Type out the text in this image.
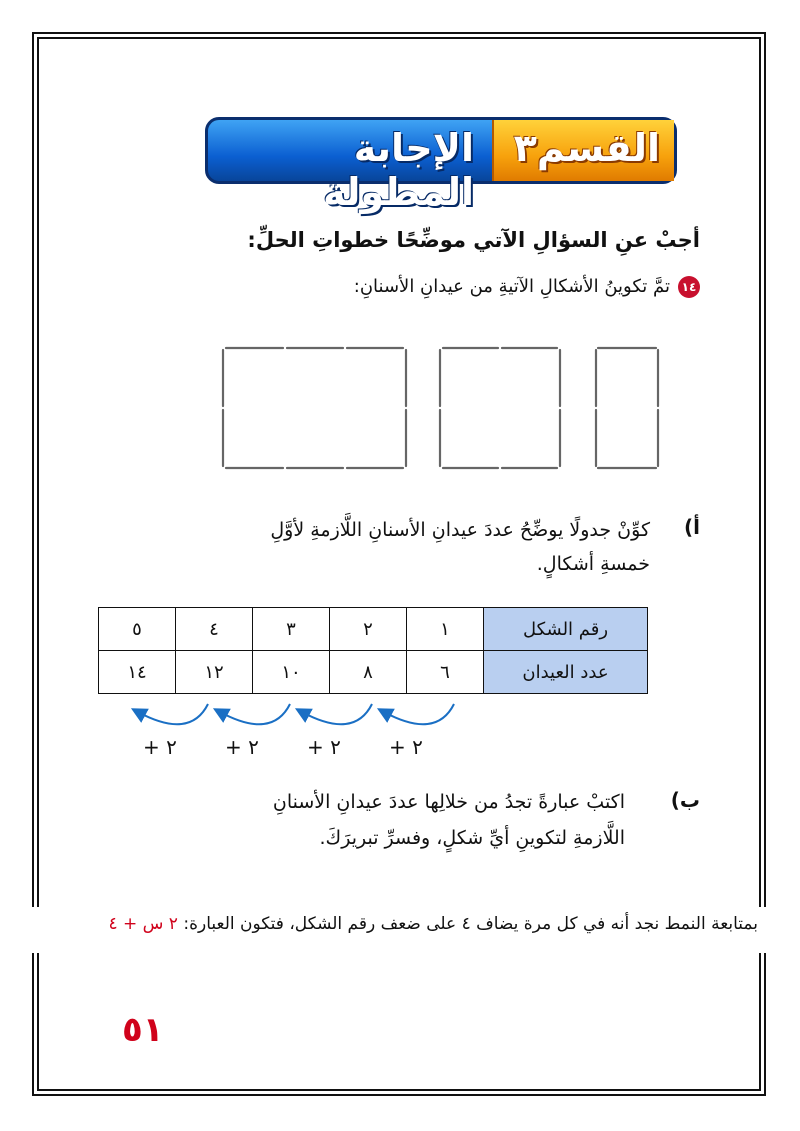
القسم٣
الإجابة المطولة
أجبْ عنِ السؤالِ الآتي موضِّحًا خطواتِ الحلِّ:
١٤تمَّ تكوينُ الأشكالِ الآتيةِ من عيدانِ الأسنانِ:
أ)
كوِّنْ جدولًا يوضِّحُ عددَ عيدانِ الأسنانِ اللَّازمةِ لأوَّلِ خمسةِ أشكالٍ.
٥	٤	٣	٢	١	رقم الشكل
١٤	١٢	١٠	٨	٦	عدد العيدان
+ ٢ + ٢ + ٢ + ٢
ب)
اكتبْ عبارةً تجدُ من خلالِها عددَ عيدانِ الأسنانِ اللَّازمةِ لتكوينِ أيِّ شكلٍ، وفسرِّ تبريرَكَ.
بمتابعة النمط نجد أنه في كل مرة يضاف ٤ على ضعف رقم الشكل، فتكون العبارة: ٢ س + ٤
٥١
